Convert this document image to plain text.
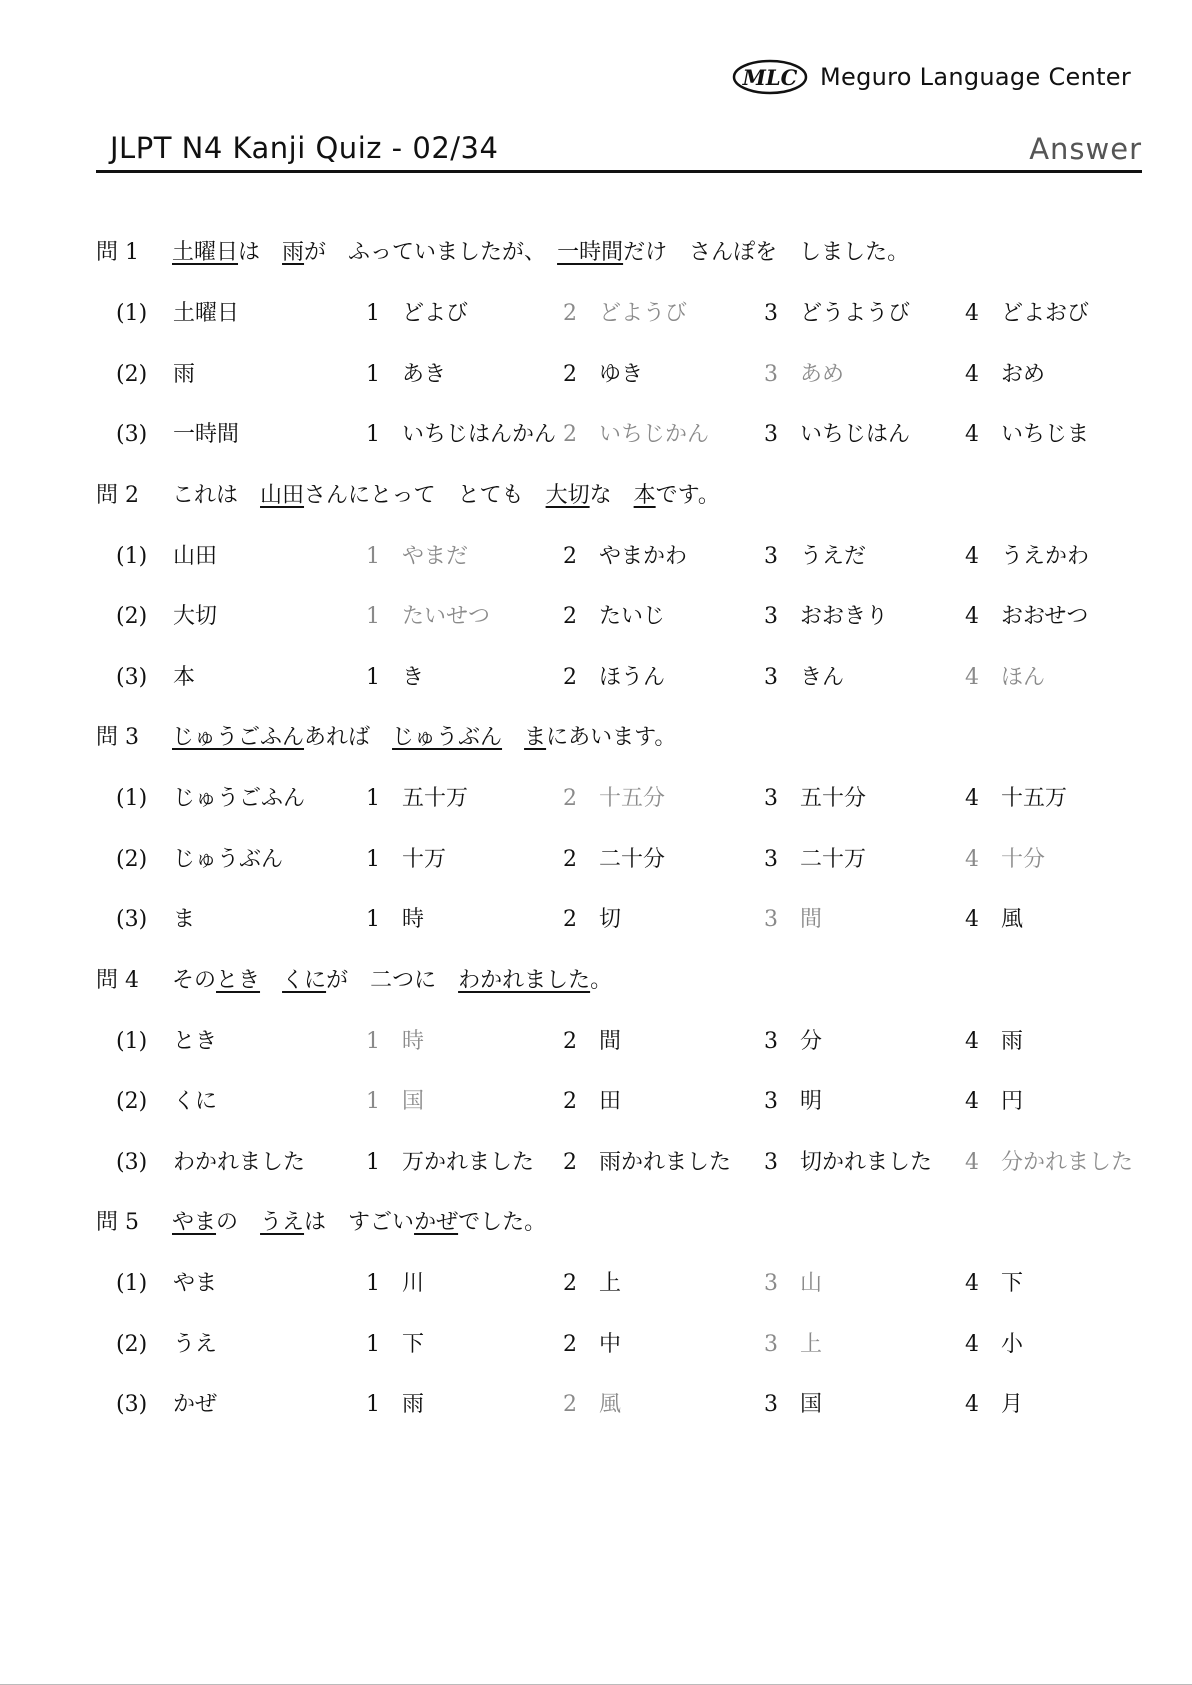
MLC Meguro Language Center
JLPT N4 Kanji Quiz - 02/34	Answer
問 1 土曜日は　雨が　ふっていましたが、　一時間だけ　さんぽを　しました。
(1) 土曜日	1 どよび	2 どようび	3 どうようび 4 どよおび
(2) 雨	1 あき	2 ゆき	3 あめ	4 おめ
(3) 一時間	1 いちじはんかん 2 いちじかん 3 いちじはん 4 いちじま
問 2 これは　山田さんにとって　とても　大切な　本です。
(1) 山田	1 やまだ	2 やまかわ	3 うえだ	4 うえかわ
(2) 大切	1 たいせつ	2 たいじ	3 おおきり	4 おおせつ
(3) 本	1 き	2 ほうん	3 きん	4 ほん
問 3 じゅうごふんあれば　じゅうぶん　 まにあいます。
(1) じゅうごふん	1 五十万	2 十五分	3 五十分	4 十五万
(2) じゅうぶん	1 十万	2 二十分	3 二十万	4 十分
(3) ま	1 時	2 切	3 間	4 風
問 4 そのとき　 くにが　二つに　わかれました。
(1) とき	1 時	2 間	3 分	4 雨
(2) くに	1 国	2 田	3 明	4 円
(3) わかれました	1 万かれました 2 雨かれました 3 切かれました 4 分かれました
問 5 やまの　うえは　すごいかぜでした。
(1) やま	1 川	2 上	3 山	4 下
(2) うえ	1 下	2 中	3 上	4 小
(3) かぜ	1 雨	2 風	3 国	4 月
